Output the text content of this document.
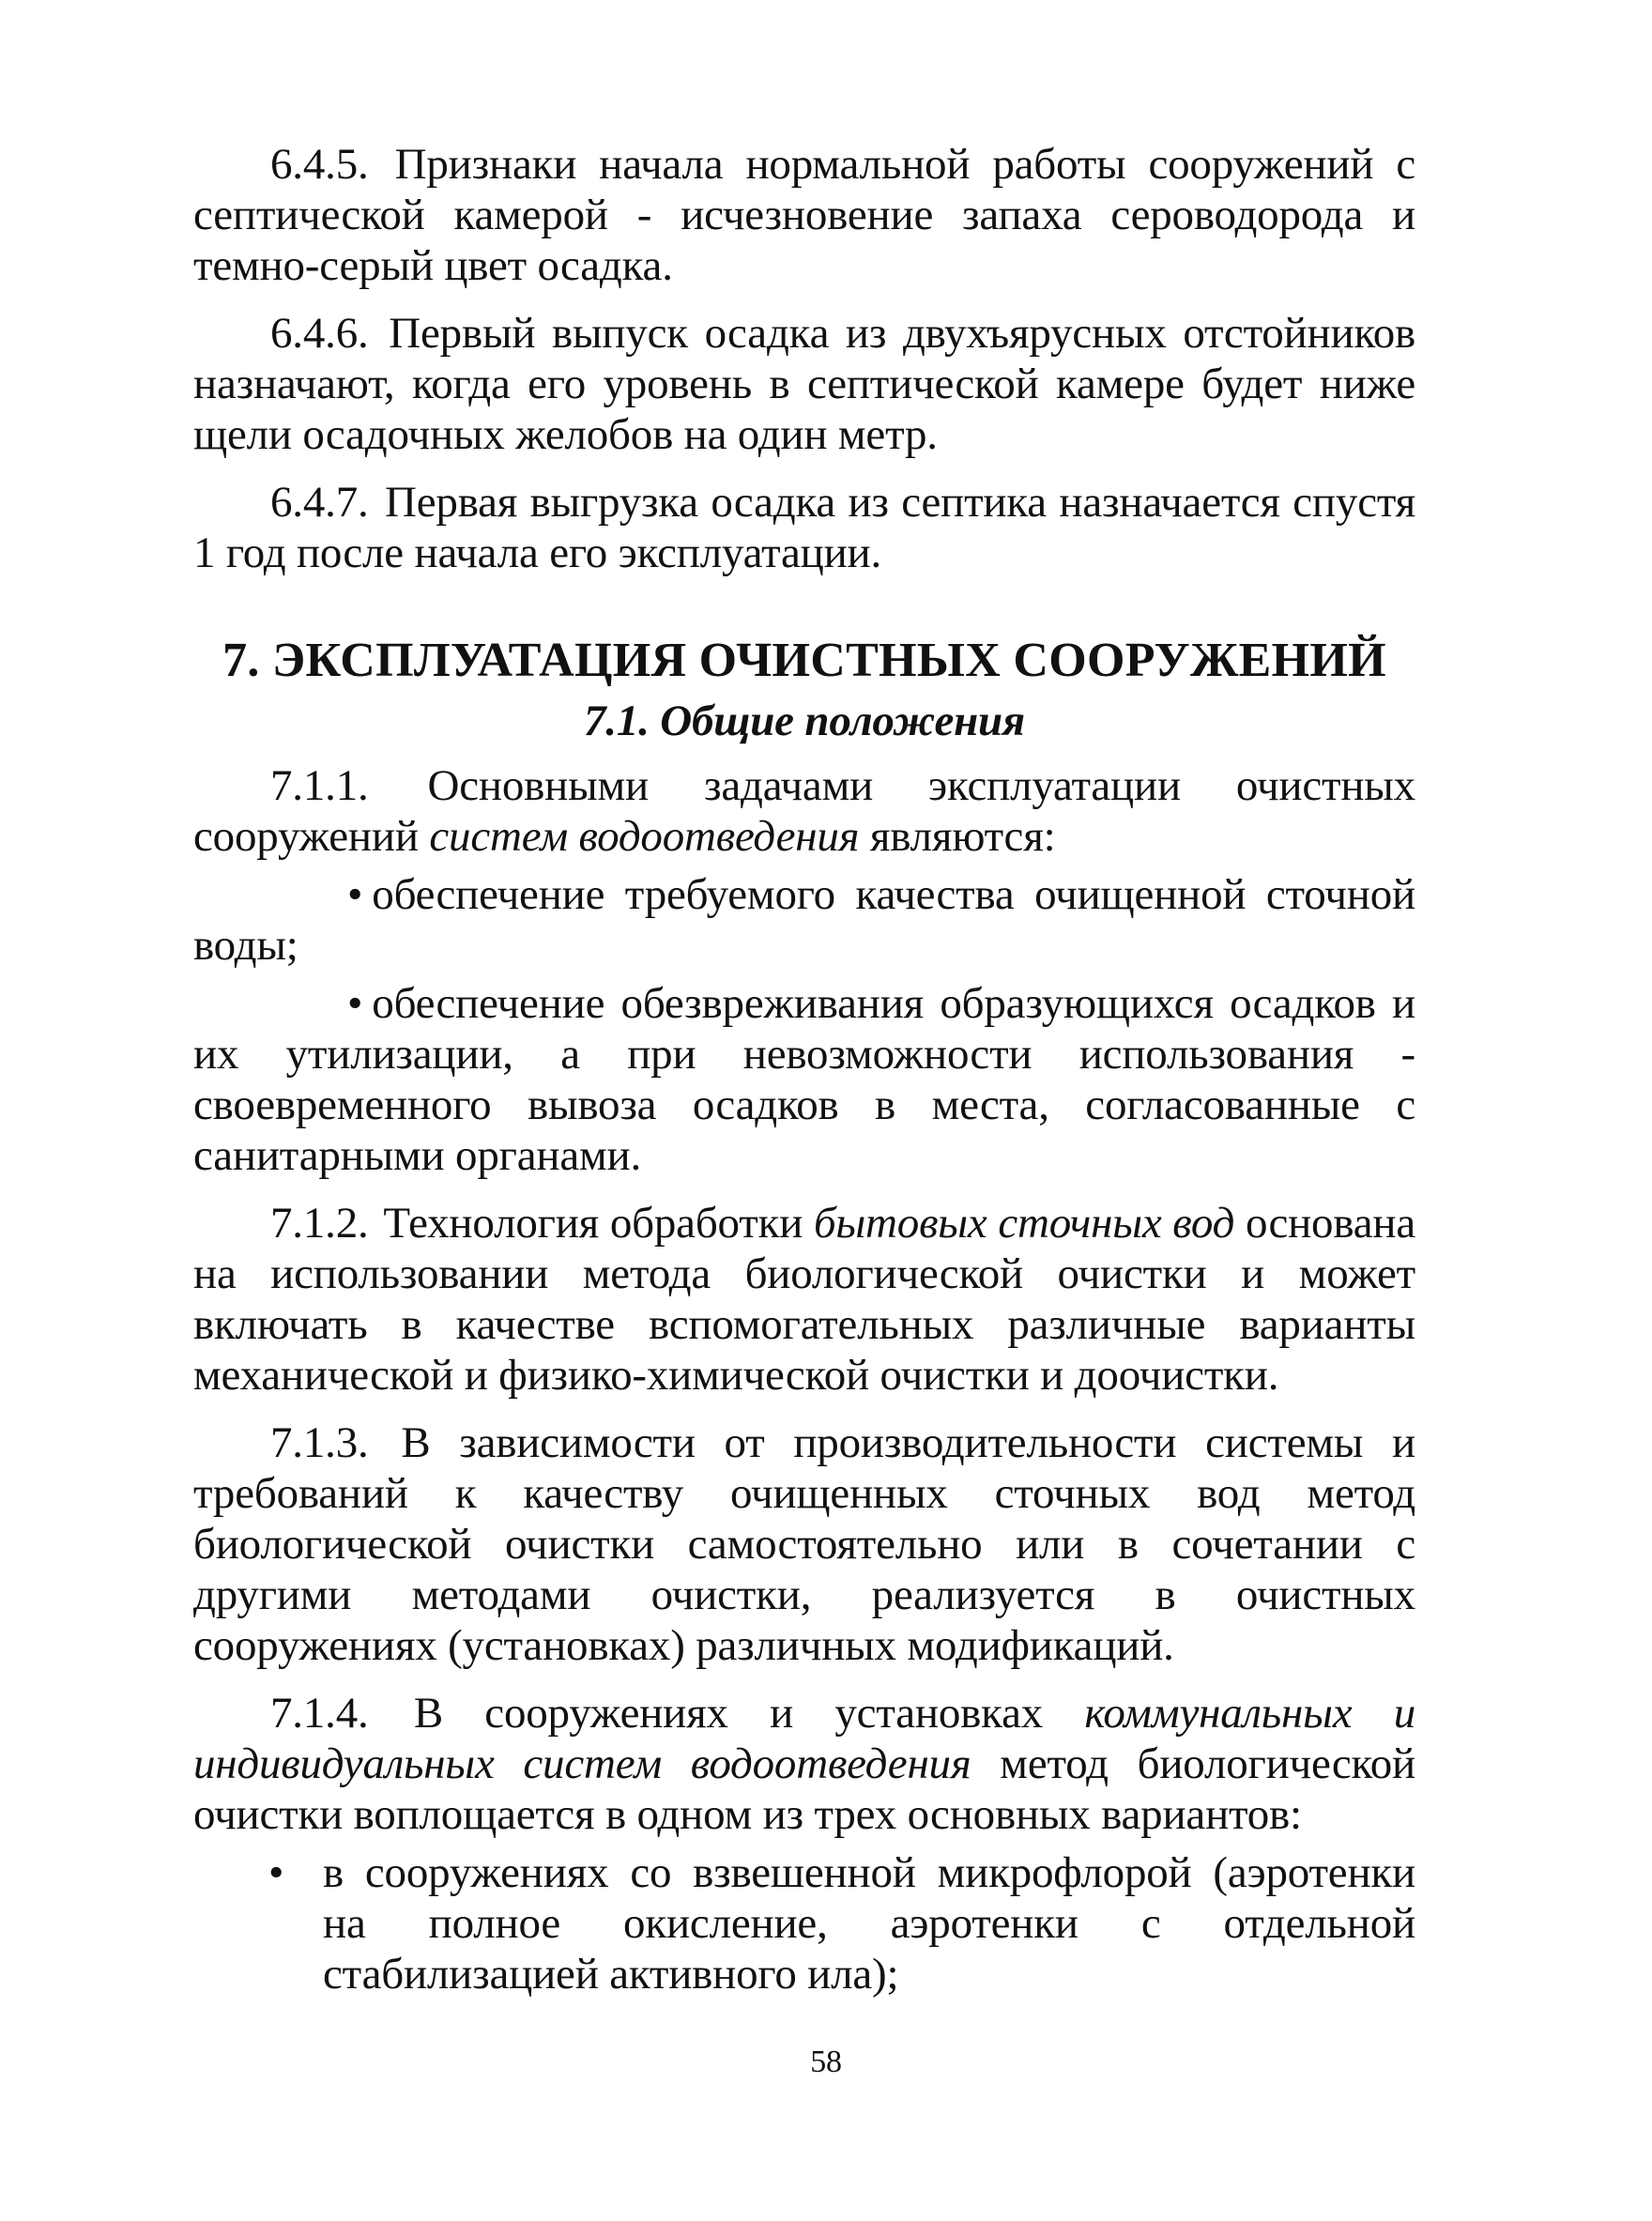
6.4.5. Признаки начала нормальной работы сооружений с септической камерой - исчезновение запаха сероводорода и темно-серый цвет осадка.

6.4.6. Первый выпуск осадка из двухъярусных отстойников назначают, когда его уровень в септической камере будет ниже щели осадочных желобов на один метр.

6.4.7. Первая выгрузка осадка из септика назначается спустя 1 год после начала его эксплуатации.

7. ЭКСПЛУАТАЦИЯ ОЧИСТНЫХ СООРУЖЕНИЙ
7.1. Общие положения

7.1.1. Основными задачами эксплуатации очистных сооружений систем водоотведения являются:

• обеспечение требуемого качества очищенной сточной воды;

• обеспечение обезвреживания образующихся осадков и их утилизации, а при невозможности использования - своевременного вывоза осадков в места, согласованные с санитарными органами.

7.1.2. Технология обработки бытовых сточных вод основана на использовании метода биологической очистки и может включать в качестве вспомогательных различные варианты механической и физико-химической очистки и доочистки.

7.1.3. В зависимости от производительности системы и требований к качеству очищенных сточных вод метод биологической очистки самостоятельно или в сочетании с другими методами очистки, реализуется в очистных сооружениях (установках) различных модификаций.

7.1.4. В сооружениях и установках коммунальных и индивидуальных систем водоотведения метод биологической очистки воплощается в одном из трех основных вариантов:

• в сооружениях со взвешенной микрофлорой (аэротенки на полное окисление, аэротенки с отдельной стабилизацией активного ила);
58
